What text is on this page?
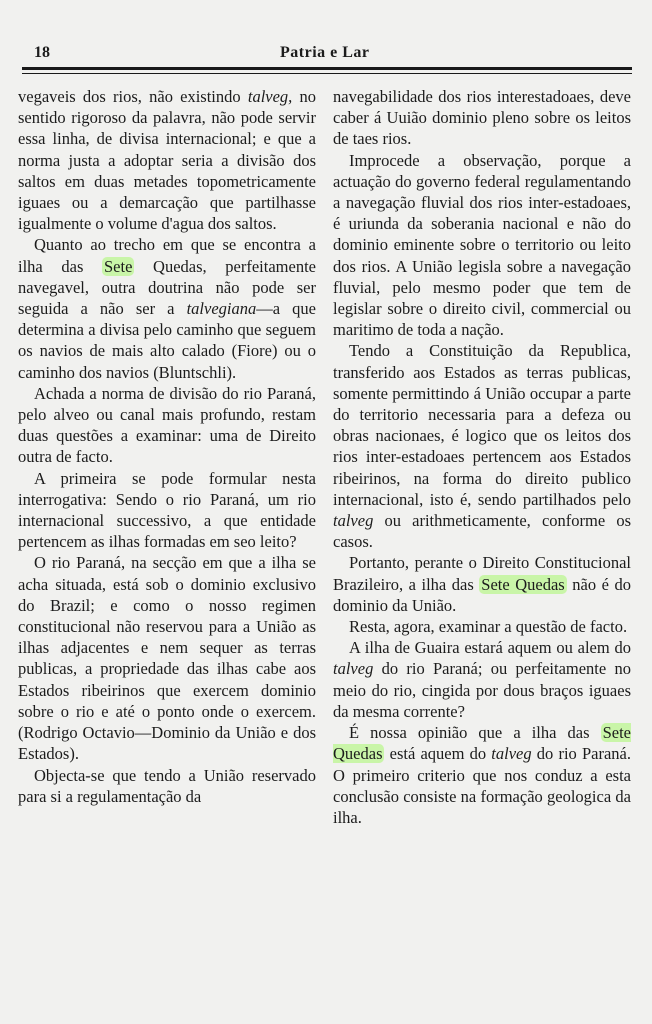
18	Patria e Lar

vegaveis dos rios, não existindo talveg, no sentido rigoroso da palavra, não pode servir essa linha, de divisa internacional; e que a norma justa a adoptar seria a divisão dos saltos em duas metades topometricamente iguaes ou a demarcação que partilhasse igualmente o volume d'agua dos saltos.

Quanto ao trecho em que se encontra a ilha das Sete Quedas, perfeitamente navegavel, outra doutrina não pode ser seguida a não ser a talvegiana—a que determina a divisa pelo caminho que seguem os navios de mais alto calado (Fiore) ou o caminho dos navios (Bluntschli).

Achada a norma de divisão do rio Paraná, pelo alveo ou canal mais profundo, restam duas questões a examinar: uma de Direito outra de facto.

A primeira se pode formular nesta interrogativa: Sendo o rio Paraná, um rio internacional successivo, a que entidade pertencem as ilhas formadas em seo leito?

O rio Paraná, na secção em que a ilha se acha situada, está sob o dominio exclusivo do Brazil; e como o nosso regimen constitucional não reservou para a União as ilhas adjacentes e nem sequer as terras publicas, a propriedade das ilhas cabe aos Estados ribeirinos que exercem dominio sobre o rio e até o ponto onde o exercem. (Rodrigo Octavio—Dominio da União e dos Estados).

Objecta-se que tendo a União reservado para si a regulamentação da

navegabilidade dos rios interestadoaes, deve caber á Uuião dominio pleno sobre os leitos de taes rios.

Improcede a observação, porque a actuação do governo federal regulamentando a navegação fluvial dos rios inter-estadoaes, é uriunda da soberania nacional e não do dominio eminente sobre o territorio ou leito dos rios. A União legisla sobre a navegação fluvial, pelo mesmo poder que tem de legislar sobre o direito civil, commercial ou maritimo de toda a nação.

Tendo a Constituição da Republica, transferido aos Estados as terras publicas, somente permittindo á União occupar a parte do territorio necessaria para a defeza ou obras nacionaes, é logico que os leitos dos rios inter-estadoaes pertencem aos Estados ribeirinos, na forma do direito publico internacional, isto é, sendo partilhados pelo talveg ou arithmeticamente, conforme os casos.

Portanto, perante o Direito Constitucional Brazileiro, a ilha das Sete Quedas não é do dominio da União.

Resta, agora, examinar a questão de facto.

A ilha de Guaira estará aquem ou alem do talveg do rio Paraná; ou perfeitamente no meio do rio, cingida por dous braços iguaes da mesma corrente?

É nossa opinião que a ilha das Sete Quedas está aquem do talveg do rio Paraná. O primeiro criterio que nos conduz a esta conclusão consiste na formação geologica da ilha.
